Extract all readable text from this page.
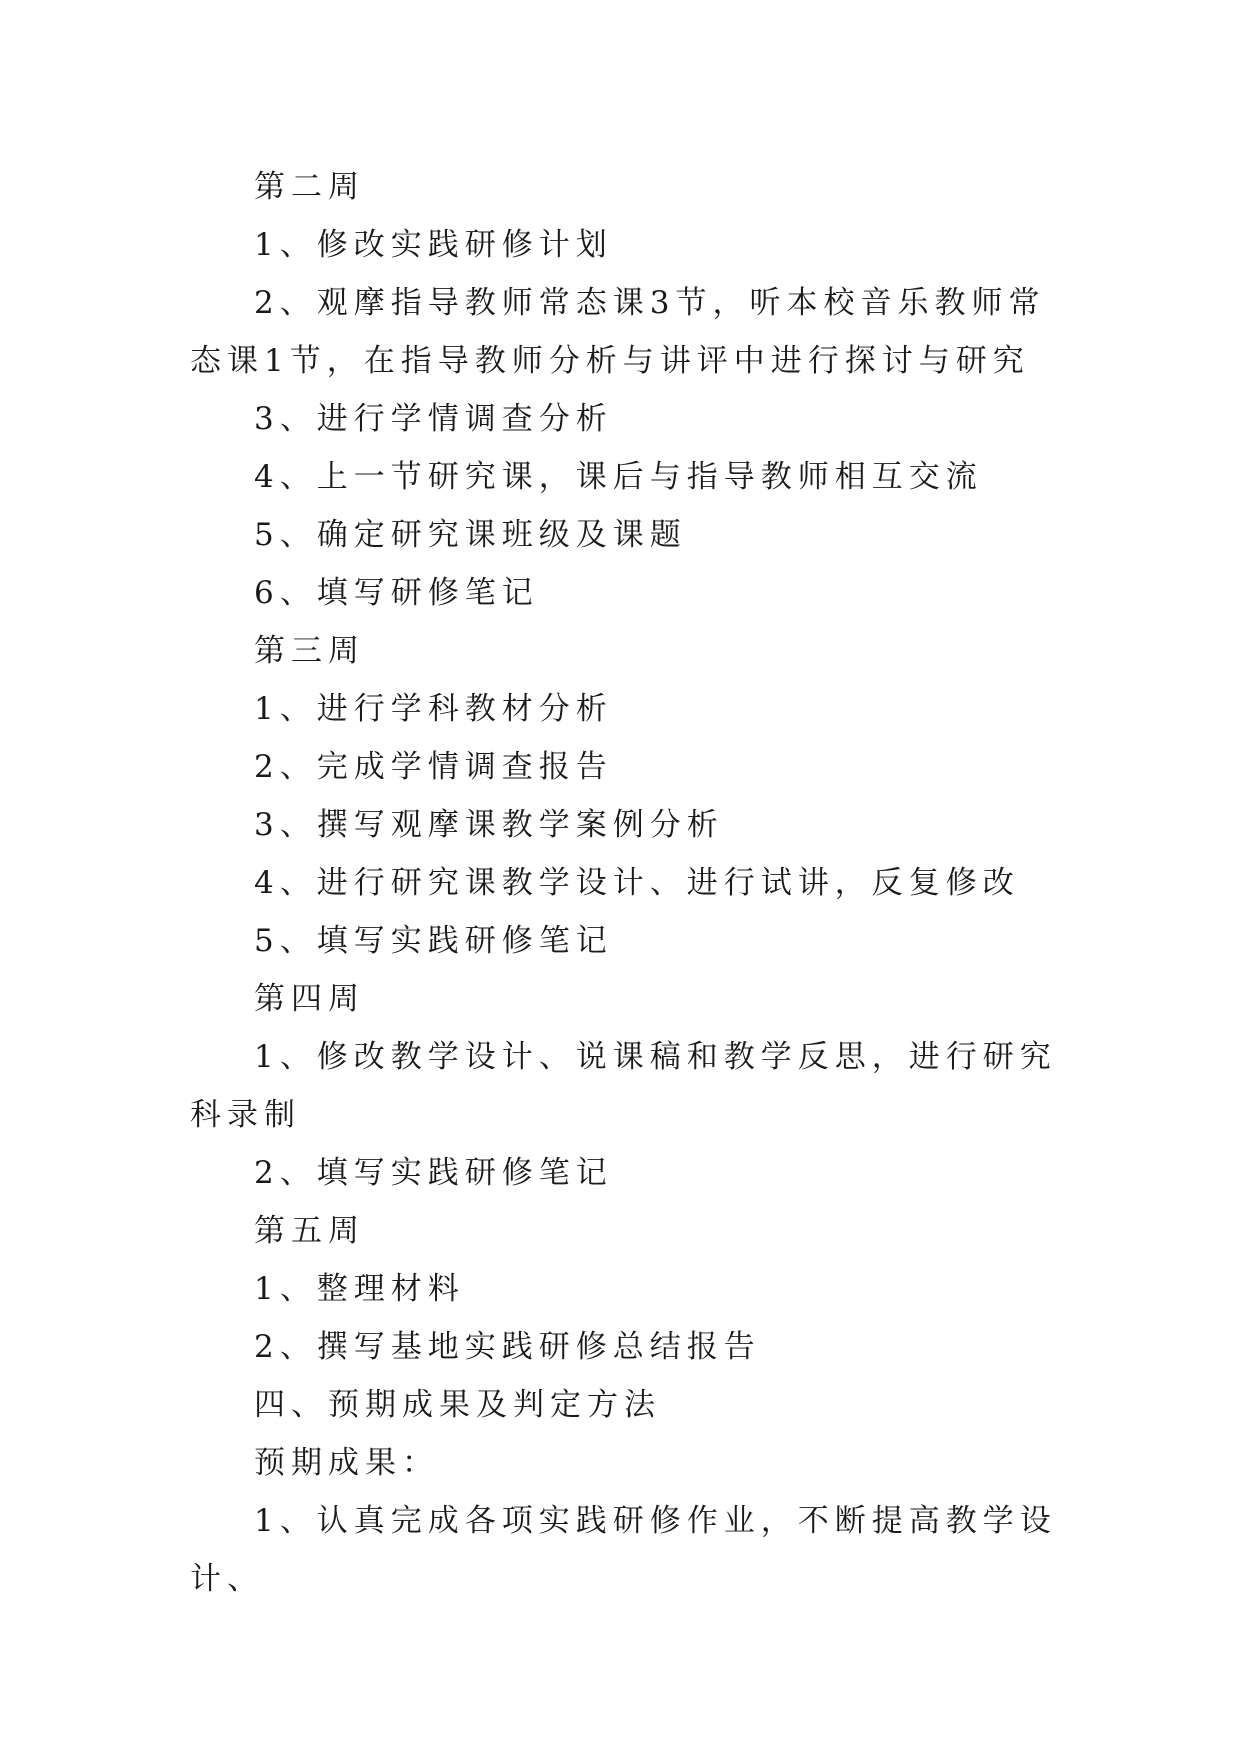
第二周

1、修改实践研修计划

2、观摩指导教师常态课3节，听本校音乐教师常态课1节，在指导教师分析与讲评中进行探讨与研究

3、进行学情调查分析

4、上一节研究课，课后与指导教师相互交流

5、确定研究课班级及课题

6、填写研修笔记

第三周

1、进行学科教材分析

2、完成学情调查报告

3、撰写观摩课教学案例分析

4、进行研究课教学设计、进行试讲，反复修改

5、填写实践研修笔记

第四周

1、修改教学设计、说课稿和教学反思，进行研究科录制

2、填写实践研修笔记

第五周

1、整理材料

2、撰写基地实践研修总结报告

四、预期成果及判定方法

预期成果：

1、认真完成各项实践研修作业，不断提高教学设计、
